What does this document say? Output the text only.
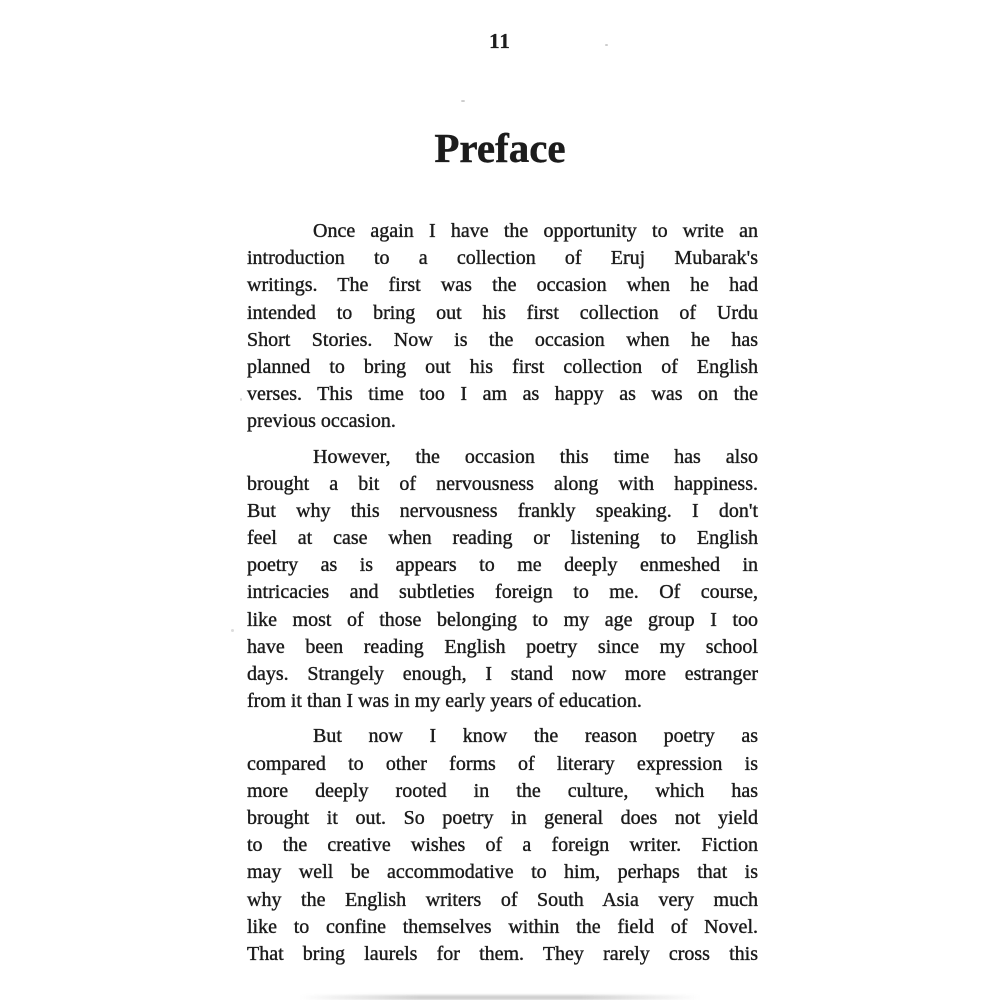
11
Preface
Once again I have the opportunity to write an
introduction to a collection of Eruj Mubarak's
writings. The first was the occasion when he had
intended to bring out his first collection of Urdu
Short Stories. Now is the occasion when he has
planned to bring out his first collection of English
verses. This time too I am as happy as was on the
previous occasion.
However, the occasion this time has also
brought a bit of nervousness along with happiness.
But why this nervousness frankly speaking. I don't
feel at case when reading or listening to English
poetry as is appears to me deeply enmeshed in
intricacies and subtleties foreign to me. Of course,
like most of those belonging to my age group I too
have been reading English poetry since my school
days. Strangely enough, I stand now more estranger
from it than I was in my early years of education.
But now I know the reason poetry as
compared to other forms of literary expression is
more deeply rooted in the culture, which has
brought it out. So poetry in general does not yield
to the creative wishes of a foreign writer. Fiction
may well be accommodative to him, perhaps that is
why the English writers of South Asia very much
like to confine themselves within the field of Novel.
That bring laurels for them. They rarely cross this
